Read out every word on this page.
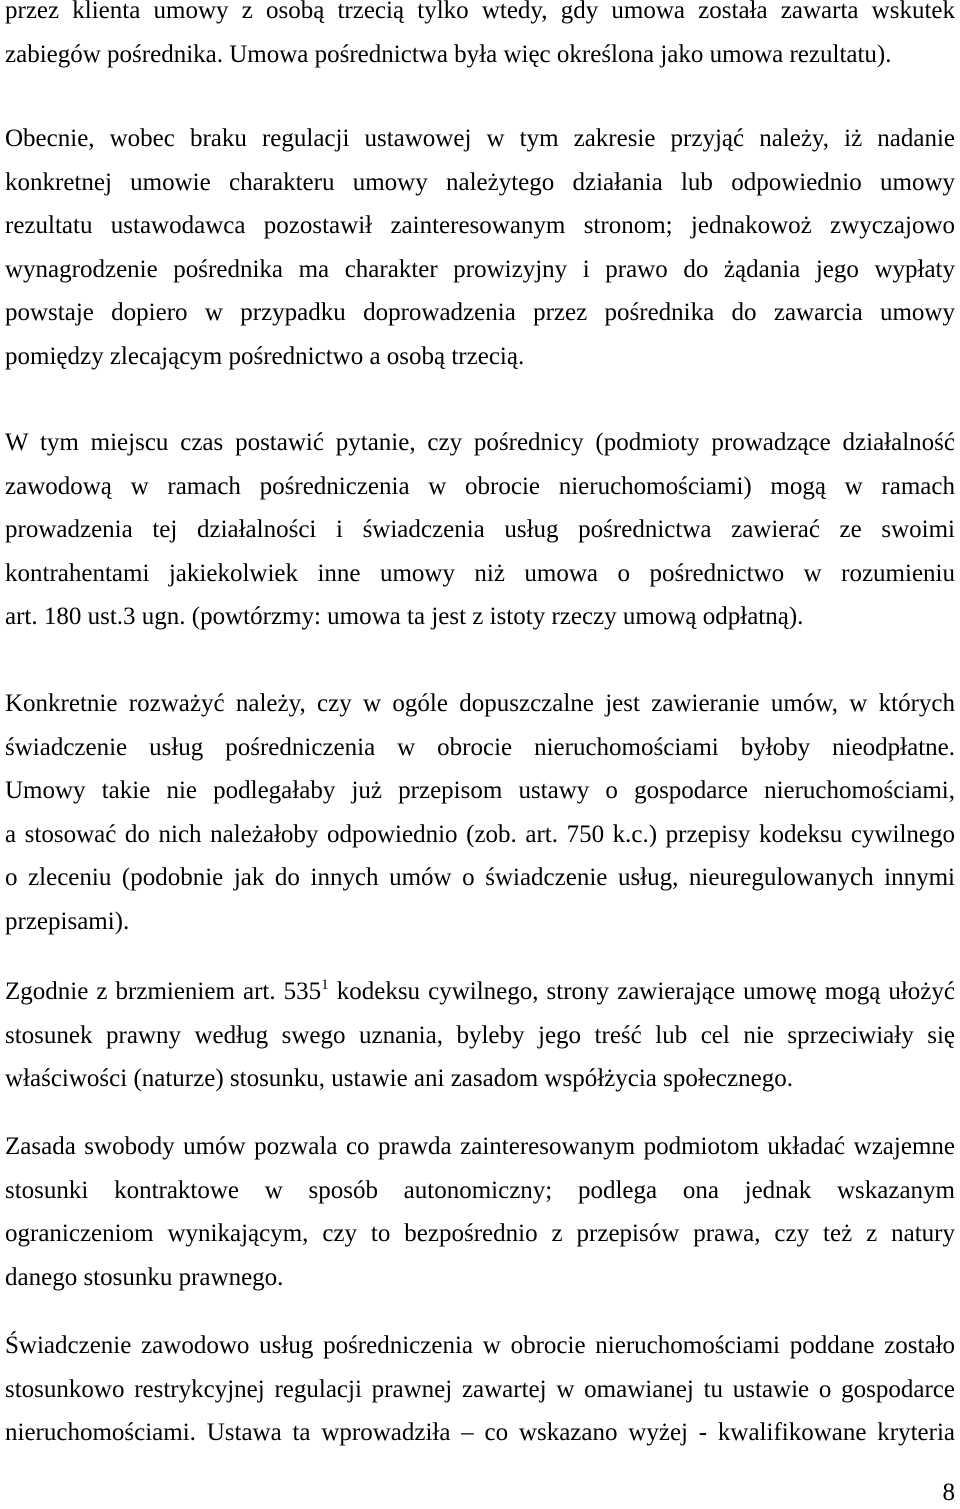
przez klienta umowy z osobą trzecią tylko wtedy, gdy umowa została zawarta wskutek
zabiegów pośrednika. Umowa pośrednictwa była więc określona jako umowa rezultatu).
Obecnie, wobec braku regulacji ustawowej w tym zakresie przyjąć należy, iż nadanie
konkretnej umowie charakteru umowy należytego działania lub odpowiednio umowy
rezultatu ustawodawca pozostawił zainteresowanym stronom; jednakowoż zwyczajowo
wynagrodzenie pośrednika ma charakter prowizyjny i prawo do żądania jego wypłaty
powstaje dopiero w przypadku doprowadzenia przez pośrednika do zawarcia umowy
pomiędzy zlecającym pośrednictwo a osobą trzecią.
W tym miejscu czas postawić pytanie, czy pośrednicy (podmioty prowadzące działalność
zawodową w ramach pośredniczenia w obrocie nieruchomościami) mogą w ramach
prowadzenia tej działalności i świadczenia usług pośrednictwa zawierać ze swoimi
kontrahentami jakiekolwiek inne umowy niż umowa o pośrednictwo w rozumieniu
art. 180 ust.3 ugn. (powtórzmy: umowa ta jest z istoty rzeczy umową odpłatną).
Konkretnie rozważyć należy, czy w ogóle dopuszczalne jest zawieranie umów, w których
świadczenie usług pośredniczenia w obrocie nieruchomościami byłoby nieodpłatne.
Umowy takie nie podlegałaby już przepisom ustawy o gospodarce nieruchomościami,
a stosować do nich należałoby odpowiednio (zob. art. 750 k.c.) przepisy kodeksu cywilnego
o zleceniu (podobnie jak do innych umów o świadczenie usług, nieuregulowanych innymi
przepisami).
Zgodnie z brzmieniem art. $535^1$ kodeksu cywilnego, strony zawierające umowę mogą ułożyć
stosunek prawny według swego uznania, byleby jego treść lub cel nie sprzeciwiały się
właściwości (naturze) stosunku, ustawie ani zasadom współżycia społecznego.
Zasada swobody umów pozwala co prawda zainteresowanym podmiotom układać wzajemne
stosunki kontraktowe w sposób autonomiczny; podlega ona jednak wskazanym
ograniczeniom wynikającym, czy to bezpośrednio z przepisów prawa, czy też z natury
danego stosunku prawnego.
Świadczenie zawodowo usług pośredniczenia w obrocie nieruchomościami poddane zostało
stosunkowo restrykcyjnej regulacji prawnej zawartej w omawianej tu ustawie o gospodarce
nieruchomościami. Ustawa ta wprowadziła – co wskazano wyżej - kwalifikowane kryteria
8
